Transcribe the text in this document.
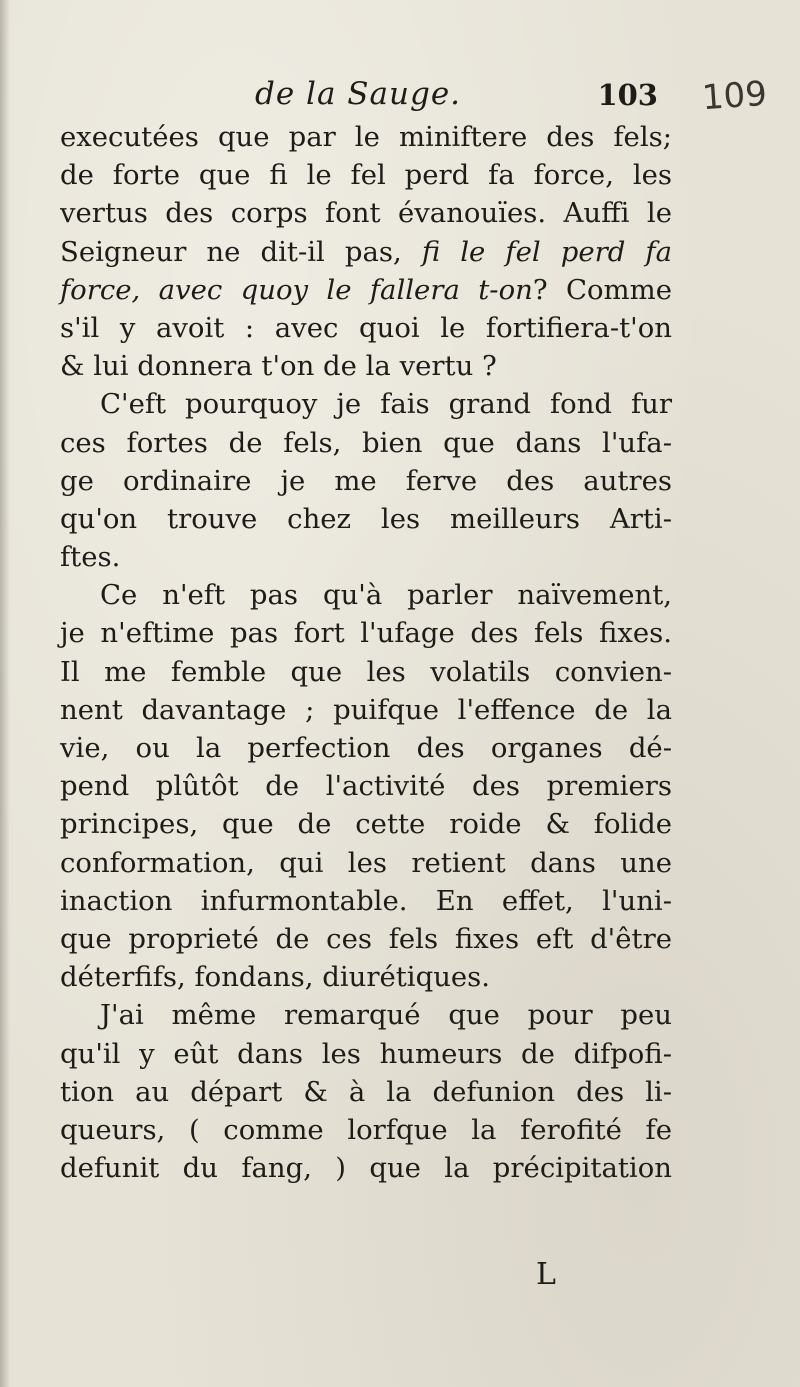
de la Sauge.	103 109
executées que par le miniftere des fels;
de forte que fi le fel perd fa force, les
vertus des corps font évanouïes. Auffi le
Seigneur ne dit-il pas, fi le fel perd fa
force, avec quoy le fallera t-on? Comme
s'il y avoit : avec quoi le fortifiera-t'on
& lui donnera t'on de la vertu ?
C'eft pourquoy je fais grand fond fur
ces fortes de fels, bien que dans l'ufa-
ge ordinaire je me ferve des autres
qu'on trouve chez les meilleurs Arti-
ftes.
Ce n'eft pas qu'à parler naïvement,
je n'eftime pas fort l'ufage des fels fixes.
Il me femble que les volatils convien-
nent davantage ; puifque l'effence de la
vie, ou la perfection des organes dé-
pend plûtôt de l'activité des premiers
principes, que de cette roide & folide
conformation, qui les retient dans une
inaction infurmontable. En effet, l'uni-
que proprieté de ces fels fixes eft d'être
déterfifs, fondans, diurétiques.
J'ai même remarqué que pour peu
qu'il y eût dans les humeurs de difpofi-
tion au départ & à la defunion des li-
queurs, ( comme lorfque la ferofité fe
defunit du fang, ) que la précipitation
L
